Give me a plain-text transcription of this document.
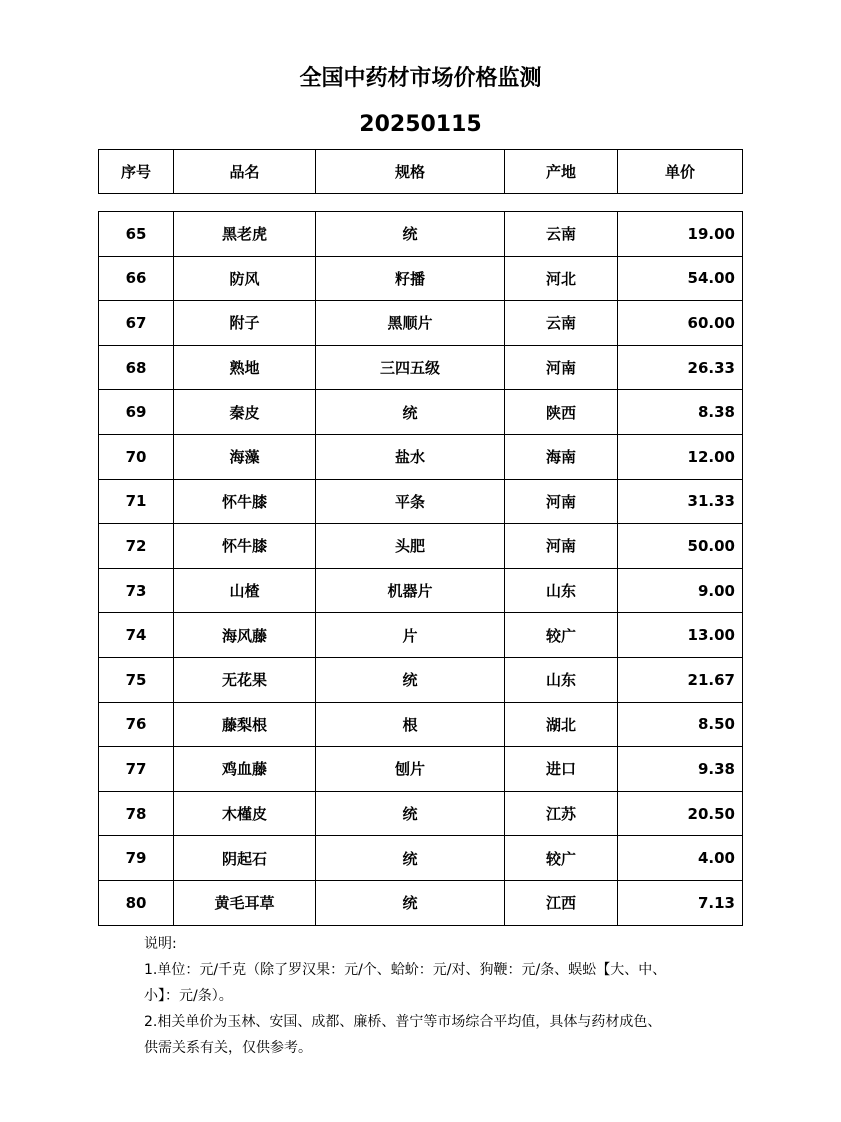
全国中药材市场价格监测
20250115
序号	品名	规格	产地	单价
65	黑老虎	统	云南	19.00
66	防风	籽播	河北	54.00
67	附子	黑顺片	云南	60.00
68	熟地	三四五级	河南	26.33
69	秦皮	统	陕西	8.38
70	海藻	盐水	海南	12.00
71	怀牛膝	平条	河南	31.33
72	怀牛膝	头肥	河南	50.00
73	山楂	机器片	山东	9.00
74	海风藤	片	较广	13.00
75	无花果	统	山东	21.67
76	藤梨根	根	湖北	8.50
77	鸡血藤	刨片	进口	9.38
78	木槿皮	统	江苏	20.50
79	阴起石	统	较广	4.00
80	黄毛耳草	统	江西	7.13
说明:
1.单位：元/千克（除了罗汉果：元/个、蛤蚧：元/对、狗鞭：元/条、蜈蚣【大、中、
小】：元/条）。
2.相关单价为玉林、安国、成都、廉桥、普宁等市场综合平均值，具体与药材成色、
供需关系有关，仅供参考。
